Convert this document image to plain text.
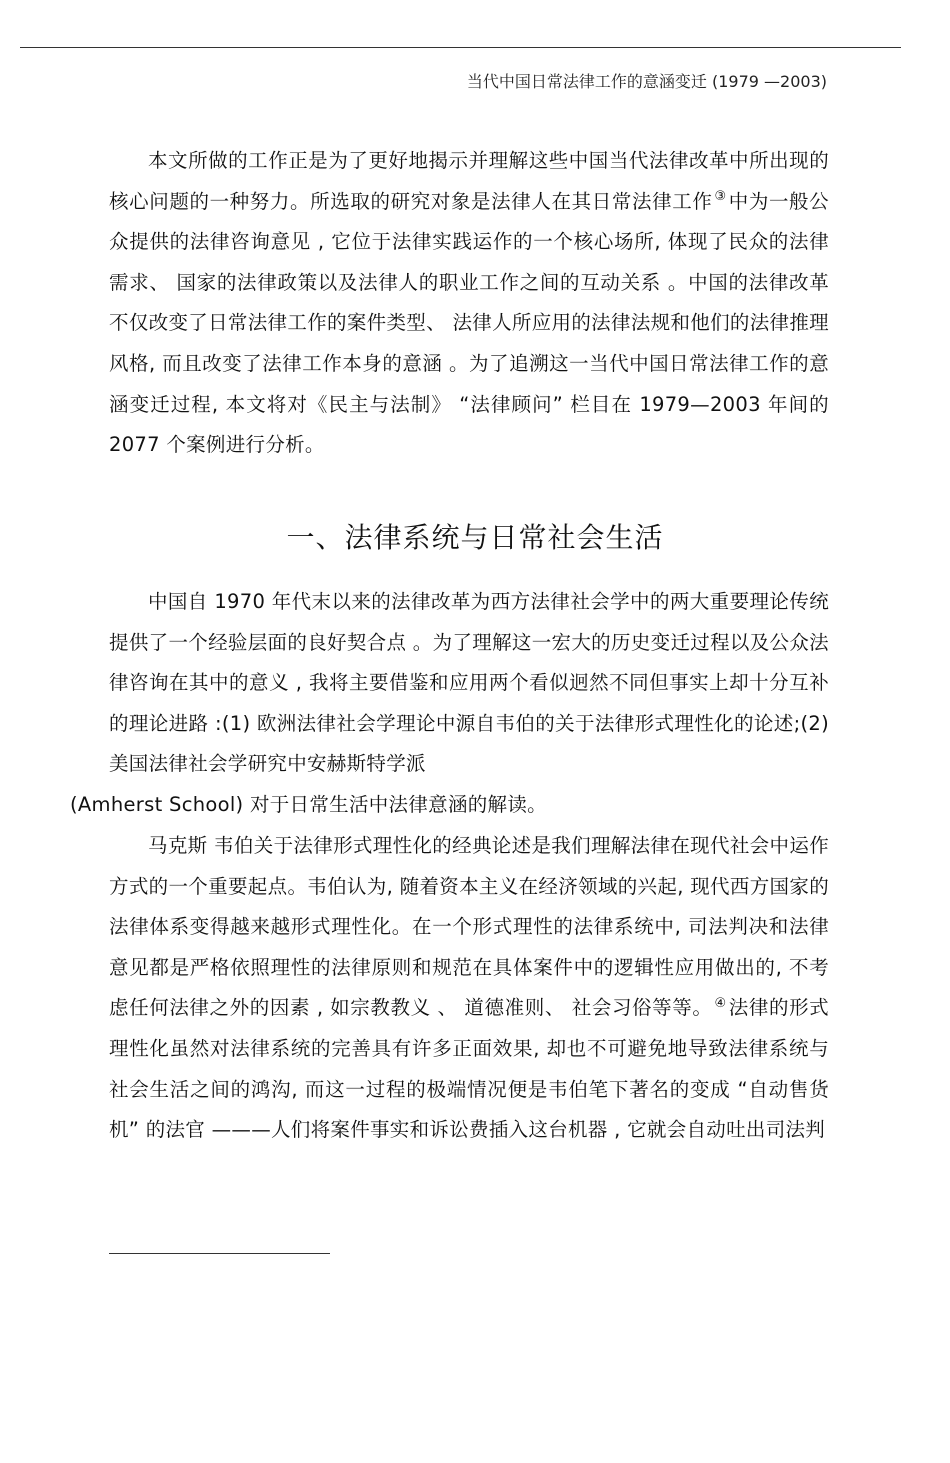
当代中国日常法律工作的意涵变迁 (1979 —2003)

本文所做的工作正是为了更好地揭示并理解这些中国当代法律改革中所出现的核心问题的一种努力。所选取的研究对象是法律人在其日常法律工作 ③ 中为一般公众提供的法律咨询意见 , 它位于法律实践运作的一个核心场所, 体现了民众的法律需求、 国家的法律政策以及法律人的职业工作之间的互动关系 。中国的法律改革不仅改变了日常法律工作的案件类型、 法律人所应用的法律法规和他们的法律推理风格, 而且改变了法律工作本身的意涵 。为了追溯这一当代中国日常法律工作的意涵变迁过程, 本文将对《民主与法制》 “法律顾问” 栏目在 1979—2003 年间的 2077 个案例进行分析。

一、法律系统与日常社会生活

中国自 1970 年代末以来的法律改革为西方法律社会学中的两大重要理论传统提供了一个经验层面的良好契合点 。为了理解这一宏大的历史变迁过程以及公众法律咨询在其中的意义 , 我将主要借鉴和应用两个看似迥然不同但事实上却十分互补的理论进路 :(1) 欧洲法律社会学理论中源自韦伯的关于法律形式理性化的论述;(2)美国法律社会学研究中安赫斯特学派
(Amherst School) 对于日常生活中法律意涵的解读。

马克斯 韦伯关于法律形式理性化的经典论述是我们理解法律在现代社会中运作方式的一个重要起点。韦伯认为, 随着资本主义在经济领域的兴起, 现代西方国家的法律体系变得越来越形式理性化。在一个形式理性的法律系统中, 司法判决和法律意见都是严格依照理性的法律原则和规范在具体案件中的逻辑性应用做出的, 不考虑任何法律之外的因素 , 如宗教教义 、 道德准则、 社会习俗等等。 ④ 法律的形式理性化虽然对法律系统的完善具有许多正面效果, 却也不可避免地导致法律系统与社会生活之间的鸿沟, 而这一过程的极端情况便是韦伯笔下著名的变成 “自动售货机” 的法官 ———人们将案件事实和诉讼费插入这台机器 , 它就会自动吐出司法判
